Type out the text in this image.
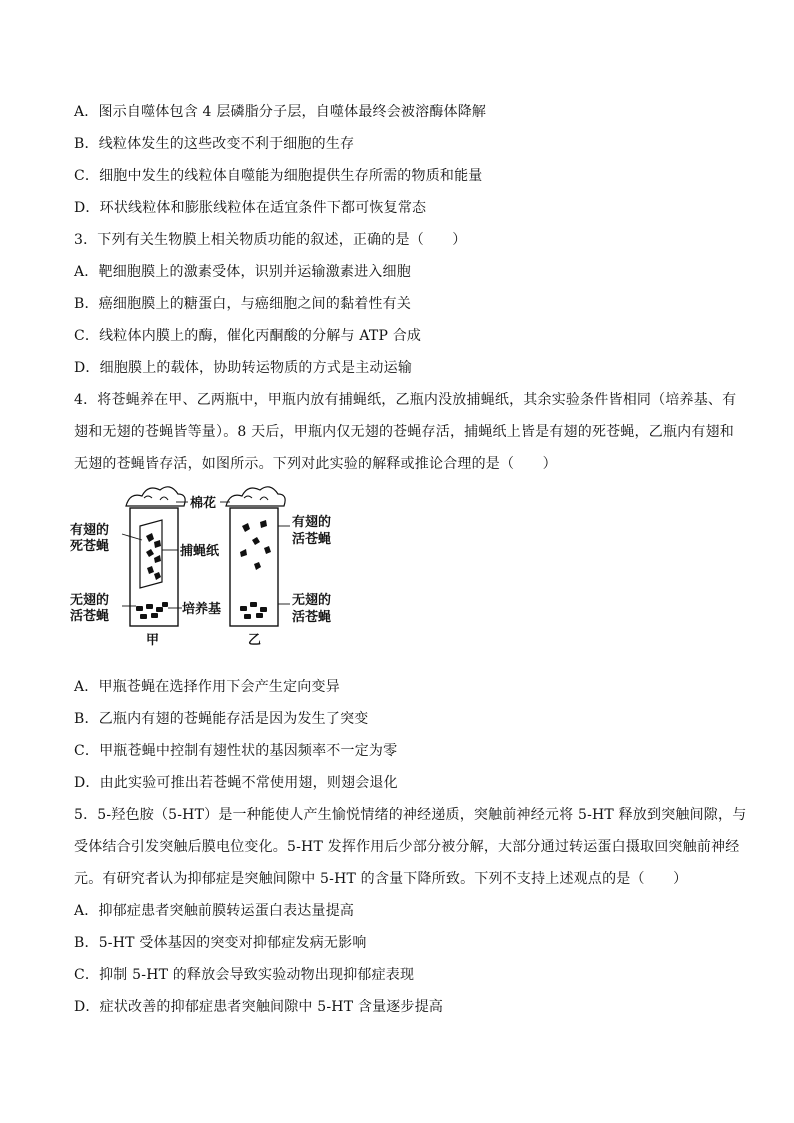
A．图示自噬体包含 4 层磷脂分子层，自噬体最终会被溶酶体降解
B．线粒体发生的这些改变不利于细胞的生存
C．细胞中发生的线粒体自噬能为细胞提供生存所需的物质和能量
D．环状线粒体和膨胀线粒体在适宜条件下都可恢复常态
3．下列有关生物膜上相关物质功能的叙述，正确的是（　　）
A．靶细胞膜上的激素受体，识别并运输激素进入细胞
B．癌细胞膜上的糖蛋白，与癌细胞之间的黏着性有关
C．线粒体内膜上的酶，催化丙酮酸的分解与 ATP 合成
D．细胞膜上的载体，协助转运物质的方式是主动运输
4．将苍蝇养在甲、乙两瓶中，甲瓶内放有捕蝇纸，乙瓶内没放捕蝇纸，其余实验条件皆相同（培养基、有
翅和无翅的苍蝇皆等量）。8 天后，甲瓶内仅无翅的苍蝇存活，捕蝇纸上皆是有翅的死苍蝇，乙瓶内有翅和
无翅的苍蝇皆存活，如图所示。下列对此实验的解释或推论合理的是（　　）
棉花
有翅的
死苍蝇	捕蝇纸
有翅的
活苍蝇
无翅的
活苍蝇	培养基
无翅的
活苍蝇
甲	乙
A．甲瓶苍蝇在选择作用下会产生定向变异
B．乙瓶内有翅的苍蝇能存活是因为发生了突变
C．甲瓶苍蝇中控制有翅性状的基因频率不一定为零
D．由此实验可推出若苍蝇不常使用翅，则翅会退化
5．5-羟色胺（5-HT）是一种能使人产生愉悦情绪的神经递质，突触前神经元将 5-HT 释放到突触间隙，与
受体结合引发突触后膜电位变化。5-HT 发挥作用后少部分被分解，大部分通过转运蛋白摄取回突触前神经
元。有研究者认为抑郁症是突触间隙中 5-HT 的含量下降所致。下列不支持上述观点的是（　　）
A．抑郁症患者突触前膜转运蛋白表达量提高
B．5-HT 受体基因的突变对抑郁症发病无影响
C．抑制 5-HT 的释放会导致实验动物出现抑郁症表现
D．症状改善的抑郁症患者突触间隙中 5-HT 含量逐步提高
